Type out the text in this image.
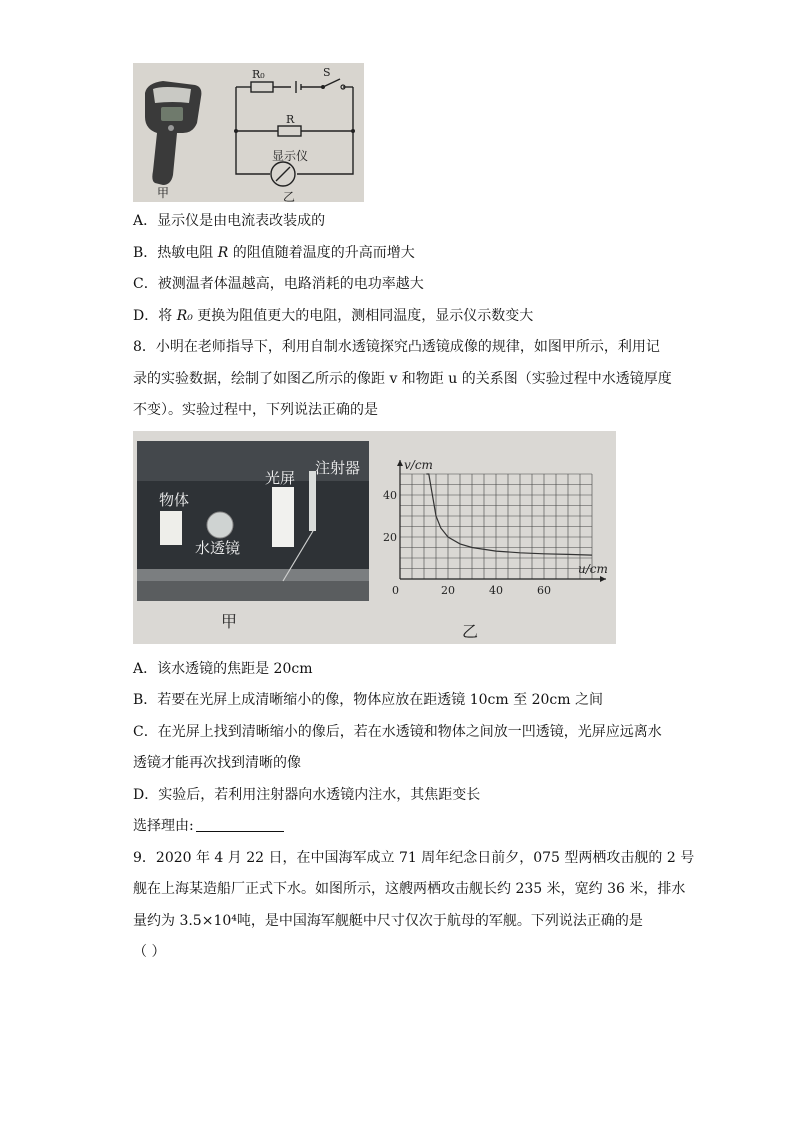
甲
R₀	S
R
显示仪
乙
A．显示仪是由电流表改装成的
B．热敏电阻 R 的阻值随着温度的升高而增大
C．被测温者体温越高，电路消耗的电功率越大
D．将 R₀ 更换为阻值更大的电阻，测相同温度，显示仪示数变大
8．小明在老师指导下，利用自制水透镜探究凸透镜成像的规律，如图甲所示，利用记
录的实验数据，绘制了如图乙所示的像距 v 和物距 u 的关系图（实验过程中水透镜厚度
不变）。实验过程中，下列说法正确的是
物体
水透镜
光屏
注射器
甲
0	20	40	60
20
40
v/cm
u/cm
乙
A．该水透镜的焦距是 20cm
B．若要在光屏上成清晰缩小的像，物体应放在距透镜 10cm 至 20cm 之间
C．在光屏上找到清晰缩小的像后，若在水透镜和物体之间放一凹透镜，光屏应远离水
透镜才能再次找到清晰的像
D．实验后，若利用注射器向水透镜内注水，其焦距变长
选择理由:
9．2020 年 4 月 22 日，在中国海军成立 71 周年纪念日前夕，075 型两栖攻击舰的 2 号
舰在上海某造船厂正式下水。如图所示，这艘两栖攻击舰长约 235 米，宽约 36 米，排水
量约为 3.5×10⁴吨，是中国海军舰艇中尺寸仅次于航母的军舰。下列说法正确的是
（ ）
